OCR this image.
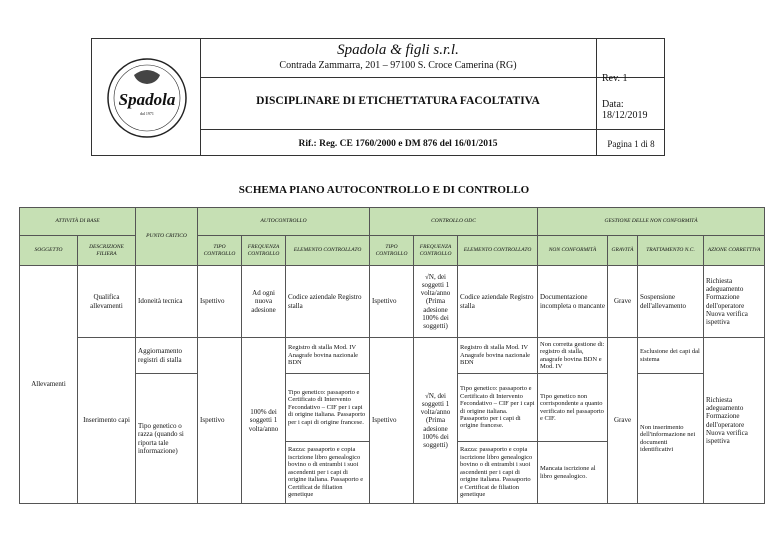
Spadola
dal 1971
Spadola & figli s.r.l.
Contrada Zammarra, 201 – 97100 S. Croce Camerina (RG)
DISCIPLINARE DI ETICHETTATURA FACOLTATIVA
Rif.: Reg. CE 1760/2000 e DM 876 del 16/01/2015
Rev. 1
Data: 18/12/2019
Pagina 1 di 8
SCHEMA PIANO AUTOCONTROLLO E DI CONTROLLO
ATTIVITÀ DI BASE		PUNTO CRITICO	AUTOCONTROLLO			CONTROLLO ODC			GESTIONE DELLE NON CONFORMITÀ			
SOGGETTO	DESCRIZIONE FILIERA		TIPO CONTROLLO	FREQUENZA CONTROLLO	ELEMENTO CONTROLLATO	TIPO CONTROLLO	FREQUENZA CONTROLLO	ELEMENTO CONTROLLATO	NON CONFORMITÀ	GRAVITÀ	TRATTAMENTO N.C.	AZIONE CORRETTIVA
Allevamenti	Qualifica allevamenti	Idoneità tecnica	Ispettivo	Ad ogni nuova adesione	Codice aziendale Registro stalla	Ispettivo	√N, dei soggetti 1 volta/anno (Prima adesione 100% dei soggetti)	Codice aziendale Registro stalla	Documentazione incompleta o mancante	Grave	Sospensione dell'allevamento	Richiesta adeguamento Formazione dell'operatore Nuova verifica ispettiva
	Inserimento capi	Aggiornamento registri di stalla	Ispettivo	100% dei soggetti 1 volta/anno	Registro di stalla Mod. IV Anagrafe bovina nazionale BDN	Ispettivo	√N, dei soggetti 1 volta/anno (Prima adesione 100% dei soggetti)	Registro di stalla Mod. IV Anagrafe bovina nazionale BDN	Non corretta gestione di: registro di stalla, anagrafe bovina BDN e Mod. IV	Grave	Esclusione dei capi dal sistema	Richiesta adeguamento Formazione dell'operatore Nuova verifica ispettiva
		Tipo genetico o razza (quando si riporta tale informazione)			Tipo genetico: passaporto e Certificato di Intervento Fecondativo – CIF per i capi di origine italiana. Passaporto per i capi di origine francese.			Tipo genetico: passaporto e Certificato di Intervento Fecondativo – CIF per i capi di origine italiana. Passaporto per i capi di origine francese.	Tipo genetico non corrispondente a quanto verificato nel passaporto e CIF.		Non inserimento dell'informazione nei documenti identificativi	
					Razza: passaporto e copia iscrizione libro genealogico bovino o di entrambi i suoi ascendenti per i capi di origine italiana. Passaporto e Certificat de filiation genetique			Razza: passaporto e copia iscrizione libro genealogico bovino o di entrambi i suoi ascendenti per i capi di origine italiana. Passaporto e Certificat de filiation genetique	Mancata iscrizione al libro genealogico.			
